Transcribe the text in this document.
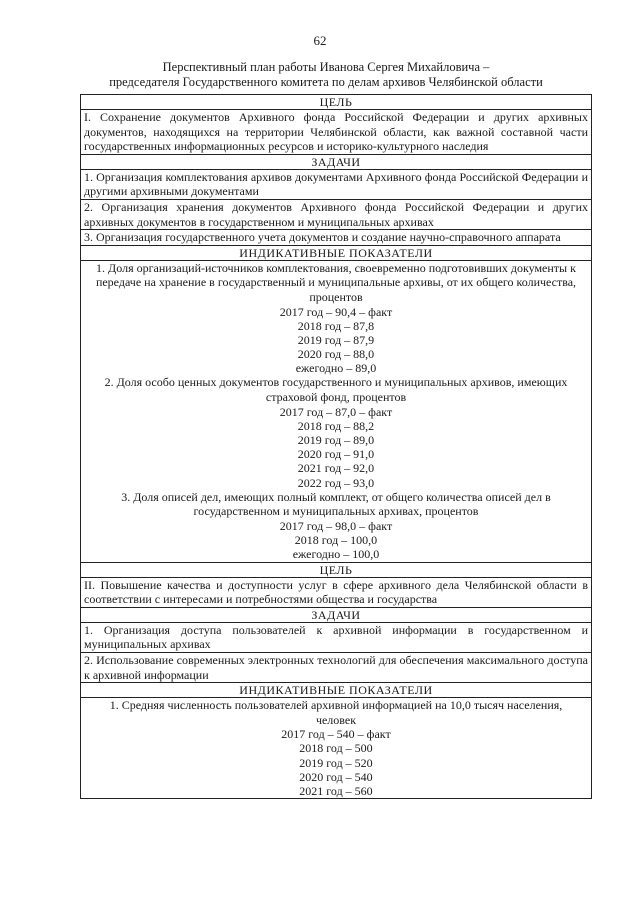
62
Перспективный план работы Иванова Сергея Михайловича –
председателя Государственного комитета по делам архивов Челябинской области
ЦЕЛЬ
I. Сохранение документов Архивного фонда Российской Федерации и других архивных документов, находящихся на территории Челябинской области, как важной составной части государственных информационных ресурсов и историко-культурного наследия
ЗАДАЧИ
1. Организация комплектования архивов документами Архивного фонда Российской Федерации и другими архивными документами
2. Организация хранения документов Архивного фонда Российской Федерации и других архивных документов в государственном и муниципальных архивах
3. Организация государственного учета документов и создание научно-справочного аппарата
ИНДИКАТИВНЫЕ ПОКАЗАТЕЛИ
1. Доля организаций-источников комплектования, своевременно подготовивших документы к передаче на хранение в государственный и муниципальные архивы, от их общего количества, процентов
2017 год – 90,4 – факт
2018 год – 87,8
2019 год – 87,9
2020 год – 88,0
ежегодно – 89,0
2. Доля особо ценных документов государственного и муниципальных архивов, имеющих страховой фонд, процентов
2017 год – 87,0 – факт
2018 год – 88,2
2019 год – 89,0
2020 год – 91,0
2021 год – 92,0
2022 год – 93,0
3. Доля описей дел, имеющих полный комплект, от общего количества описей дел в государственном и муниципальных архивах, процентов
2017 год – 98,0 – факт
2018 год – 100,0
ежегодно – 100,0
ЦЕЛЬ
II. Повышение качества и доступности услуг в сфере архивного дела Челябинской области в соответствии с интересами и потребностями общества и государства
ЗАДАЧИ
1. Организация доступа пользователей к архивной информации в государственном и муниципальных архивах
2. Использование современных электронных технологий для обеспечения максимального доступа к архивной информации
ИНДИКАТИВНЫЕ ПОКАЗАТЕЛИ
1. Средняя численность пользователей архивной информацией на 10,0 тысяч населения, человек
2017 год – 540 – факт
2018 год – 500
2019 год – 520
2020 год – 540
2021 год – 560
